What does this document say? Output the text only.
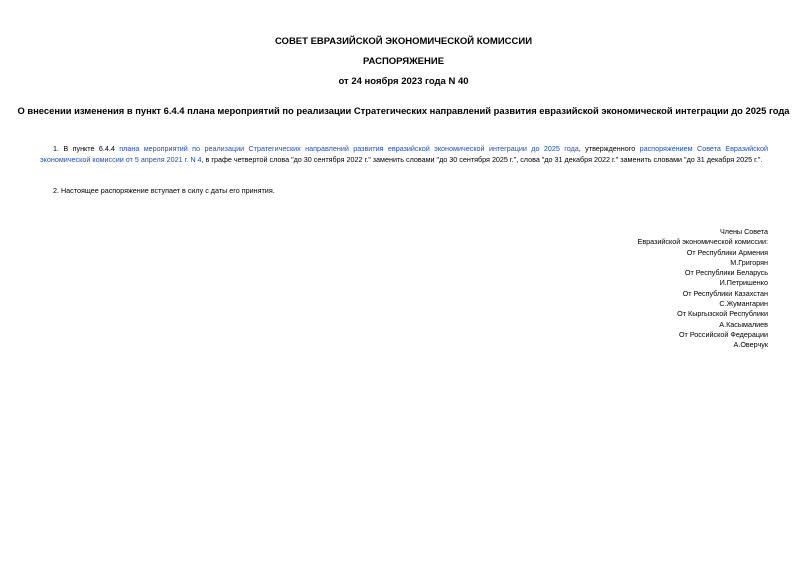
СОВЕТ ЕВРАЗИЙСКОЙ ЭКОНОМИЧЕСКОЙ КОМИССИИ
РАСПОРЯЖЕНИЕ
от 24 ноября 2023 года N 40
О внесении изменения в пункт 6.4.4 плана мероприятий по реализации Стратегических направлений развития евразийской экономической интеграции до 2025 года
1. В пункте 6.4.4 плана мероприятий по реализации Стратегических направлений развития евразийской экономической интеграции до 2025 года, утвержденного распоряжением Совета Евразийской экономической комиссии от 5 апреля 2021 г. N 4, в графе четвертой слова "до 30 сентября 2022 г." заменить словами "до 30 сентября 2025 г.", слова "до 31 декабря 2022 г." заменить словами "до 31 декабря 2025 г.".
2. Настоящее распоряжение вступает в силу с даты его принятия.
Члены Совета
Евразийской экономической комиссии:
От Республики Армения
М.Григорян
От Республики Беларусь
И.Петришенко
От Республики Казахстан
С.Жумангарин
От Кыргызской Республики
А.Касымалиев
От Российской Федерации
А.Оверчук
